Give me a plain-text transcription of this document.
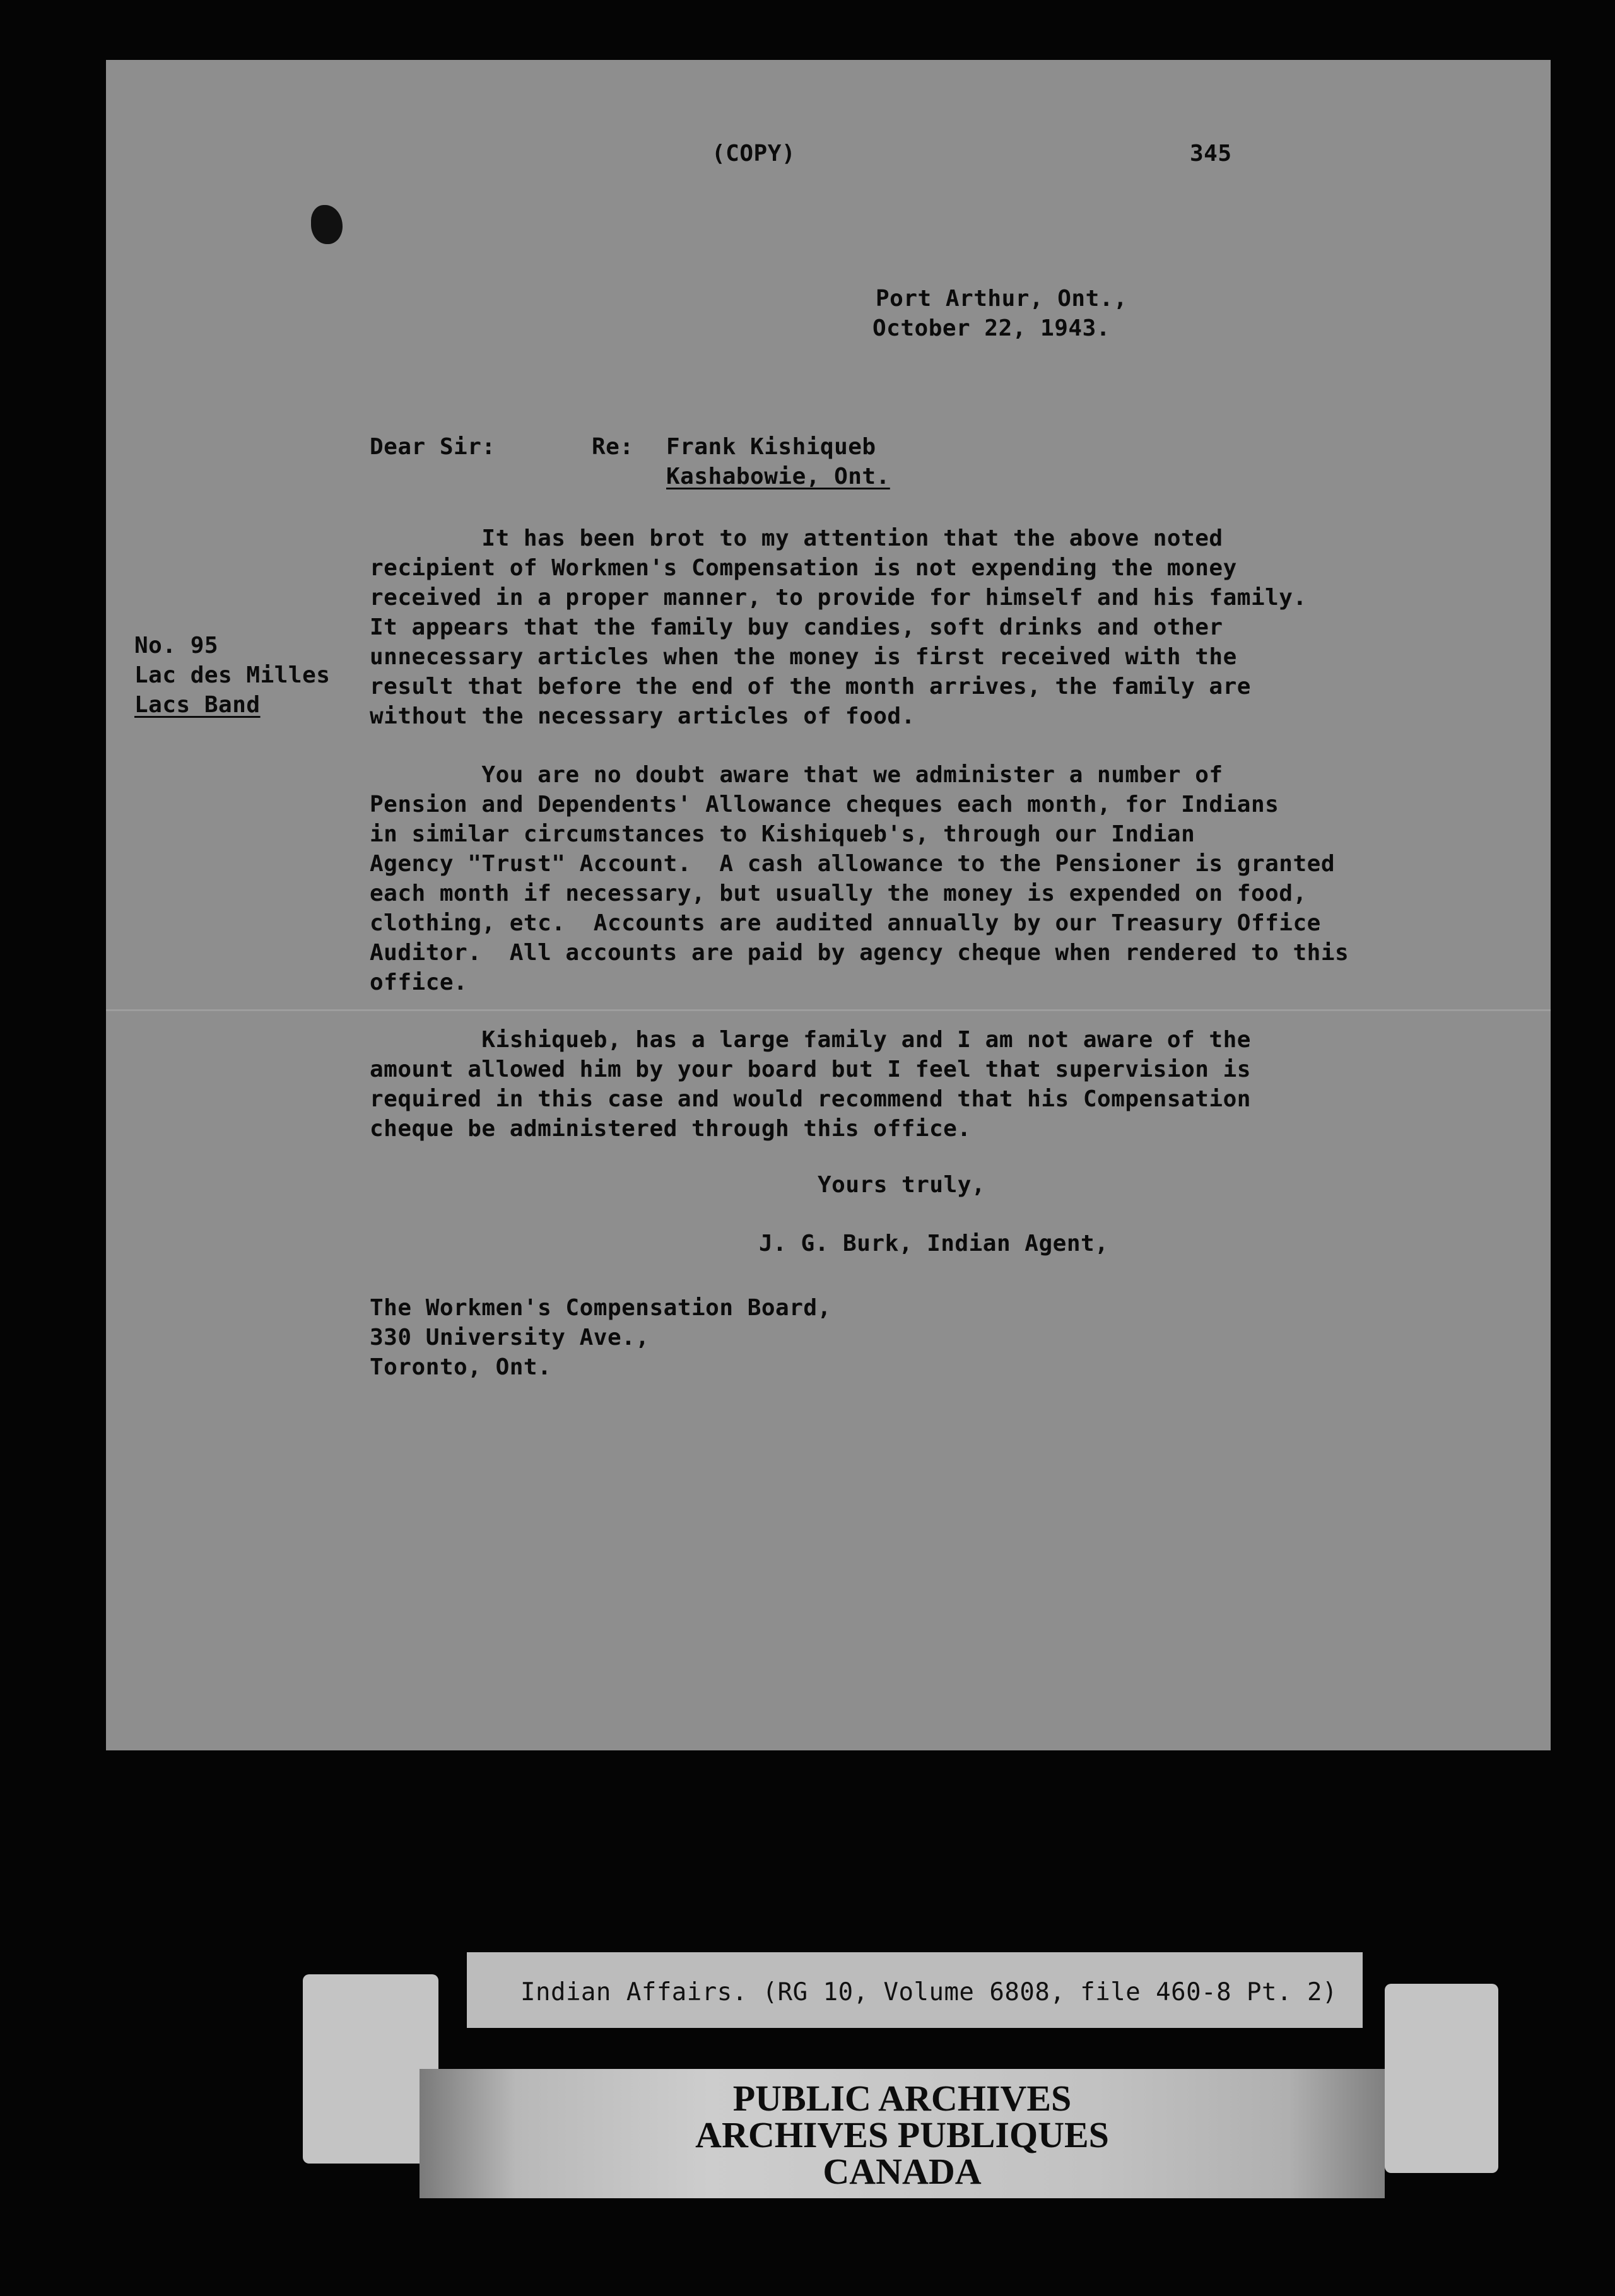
(COPY)	345
Port Arthur, Ont.,
October 22, 1943.
Dear Sir:	Re: Frank Kishiqueb
Kashabowie, Ont.
No. 95
Lac des Milles
Lacs Band
It has been brot to my attention that the above noted
recipient of Workmen's Compensation is not expending the money
received in a proper manner, to provide for himself and his family.
It appears that the family buy candies, soft drinks and other
unnecessary articles when the money is first received with the
result that before the end of the month arrives, the family are
without the necessary articles of food.
You are no doubt aware that we administer a number of
Pension and Dependents' Allowance cheques each month, for Indians
in similar circumstances to Kishiqueb's, through our Indian
Agency "Trust" Account.  A cash allowance to the Pensioner is granted
each month if necessary, but usually the money is expended on food,
clothing, etc.  Accounts are audited annually by our Treasury Office
Auditor.  All accounts are paid by agency cheque when rendered to this
office.
Kishiqueb, has a large family and I am not aware of the
amount allowed him by your board but I feel that supervision is
required in this case and would recommend that his Compensation
cheque be administered through this office.
Yours truly,
J. G. Burk, Indian Agent,
The Workmen's Compensation Board,
330 University Ave.,
Toronto, Ont.
Indian Affairs. (RG 10, Volume 6808, file 460-8 Pt. 2)
PUBLIC ARCHIVES
ARCHIVES PUBLIQUES
CANADA
